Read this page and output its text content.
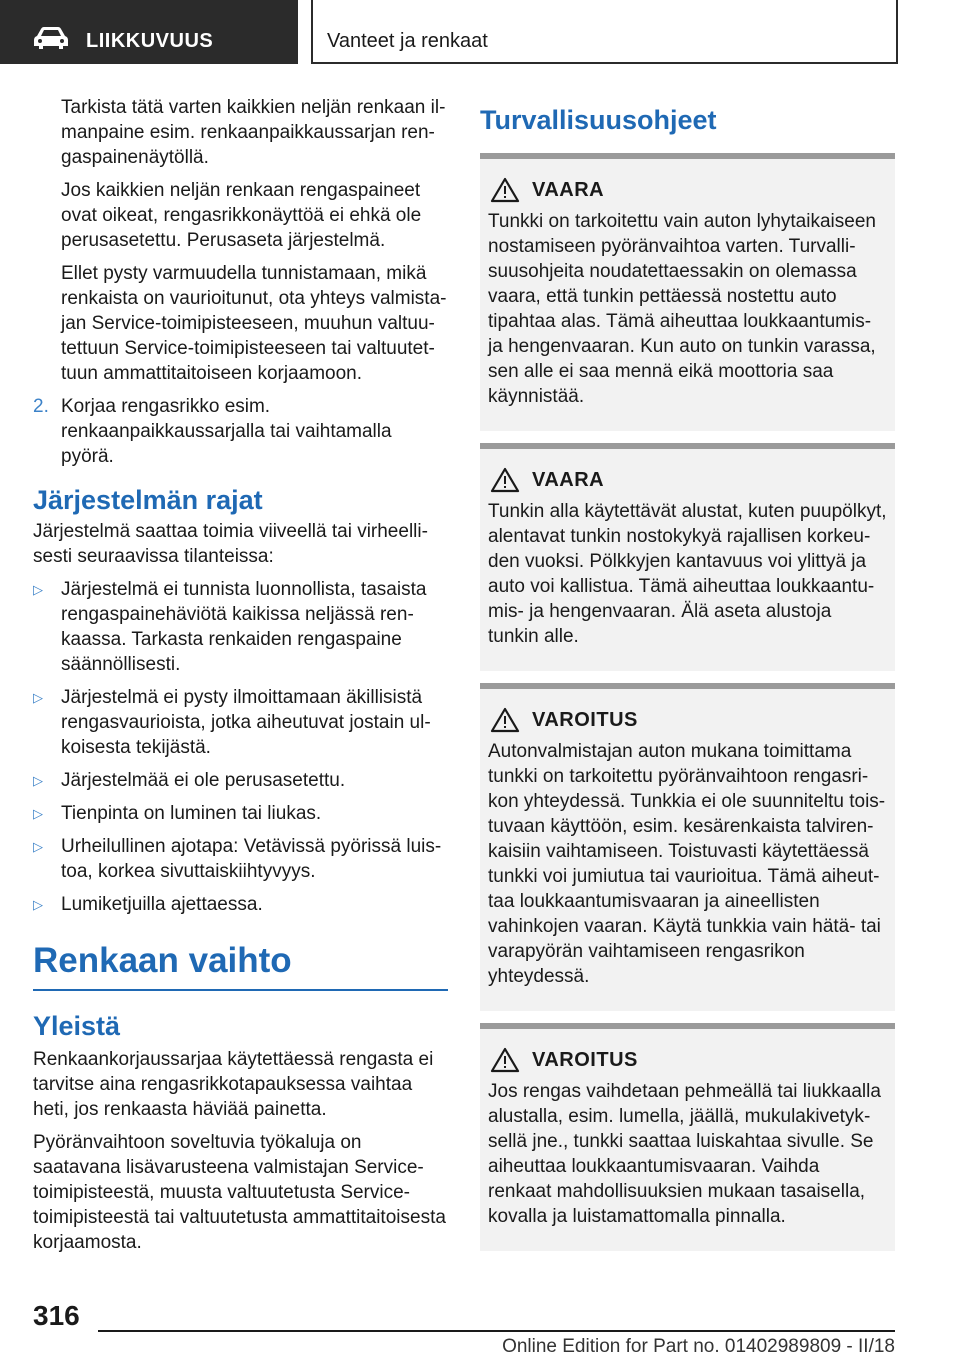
LIIKKUVUUS	Vanteet ja renkaat

Tarkista tätä varten kaikkien neljän renkaan ilmanpaine esim. renkaanpaikkaussarjan rengaspainenäytöllä.

Jos kaikkien neljän renkaan rengaspaineet ovat oikeat, rengasrikkonäyttöä ei ehkä ole perusasetettu. Perusaseta järjestelmä.

Ellet pysty varmuudella tunnistamaan, mikä renkaista on vaurioitunut, ota yhteys valmistajan Service-toimipisteeseen, muuhun valtuutettuun Service-toimipisteeseen tai valtuutettuun ammattitaitoiseen korjaamoon.

2. Korjaa rengasrikko esim. renkaanpaikkaussarjalla tai vaihtamalla pyörä.

Järjestelmän rajat

Järjestelmä saattaa toimia viiveellä tai virheellisesti seuraavissa tilanteissa:

▷ Järjestelmä ei tunnista luonnollista, tasaista rengaspainehäviötä kaikissa neljässä renkaassa. Tarkasta renkaiden rengaspaine säännöllisesti.

▷ Järjestelmä ei pysty ilmoittamaan äkillisistä rengasvaurioista, jotka aiheutuvat jostain ulkoisesta tekijästä.

▷ Järjestelmää ei ole perusasetettu.

▷ Tienpinta on luminen tai liukas.

▷ Urheilullinen ajotapa: Vetävissä pyörissä luistoa, korkea sivuttaiskiihtyvyys.

▷ Lumiketjuilla ajettaessa.

Renkaan vaihto
Yleistä

Renkaankorjaussarjaa käytettäessä rengasta ei tarvitse aina rengasrikkotapauksessa vaihtaa heti, jos renkaasta häviää painetta.

Pyöränvaihtoon soveltuvia työkaluja on saatavana lisävarusteena valmistajan Service-toimipisteestä, muusta valtuutetusta Service-toimipisteestä tai valtuutetusta ammattitaitoisesta korjaamosta.

Turvallisuusohjeet
VAARA

Tunkki on tarkoitettu vain auton lyhytaikaiseen nostamiseen pyöränvaihtoa varten. Turvallisuusohjeita noudatettaessakin on olemassa vaara, että tunkin pettäessä nostettu auto tipahtaa alas. Tämä aiheuttaa loukkaantumis- ja hengenvaaran. Kun auto on tunkin varassa, sen alle ei saa mennä eikä moottoria saa käynnistää.

VAARA

Tunkin alla käytettävät alustat, kuten puupölkyt, alentavat tunkin nostokykyä rajallisen korkeuden vuoksi. Pölkkyjen kantavuus voi ylittyä ja auto voi kallistua. Tämä aiheuttaa loukkaantumis- ja hengenvaaran. Älä aseta alustoja tunkin alle.

VAROITUS

Autonvalmistajan auton mukana toimittama tunkki on tarkoitettu pyöränvaihtoon rengasrikon yhteydessä. Tunkkia ei ole suunniteltu toistuvaan käyttöön, esim. kesärenkaista talvirenkaisiin vaihtamiseen. Toistuvasti käytettäessä tunkki voi jumiutua tai vaurioitua. Tämä aiheuttaa loukkaantumisvaaran ja aineellisten vahinkojen vaaran. Käytä tunkkia vain hätä- tai varapyörän vaihtamiseen rengasrikon yhteydessä.

VAROITUS

Jos rengas vaihdetaan pehmeällä tai liukkaalla alustalla, esim. lumella, jäällä, mukulakivetyksellä jne., tunkki saattaa luiskahtaa sivulle. Se aiheuttaa loukkaantumisvaaran. Vaihda renkaat mahdollisuuksien mukaan tasaisella, kovalla ja luistamattomalla pinnalla.

316
Online Edition for Part no. 01402989809 - II/18
